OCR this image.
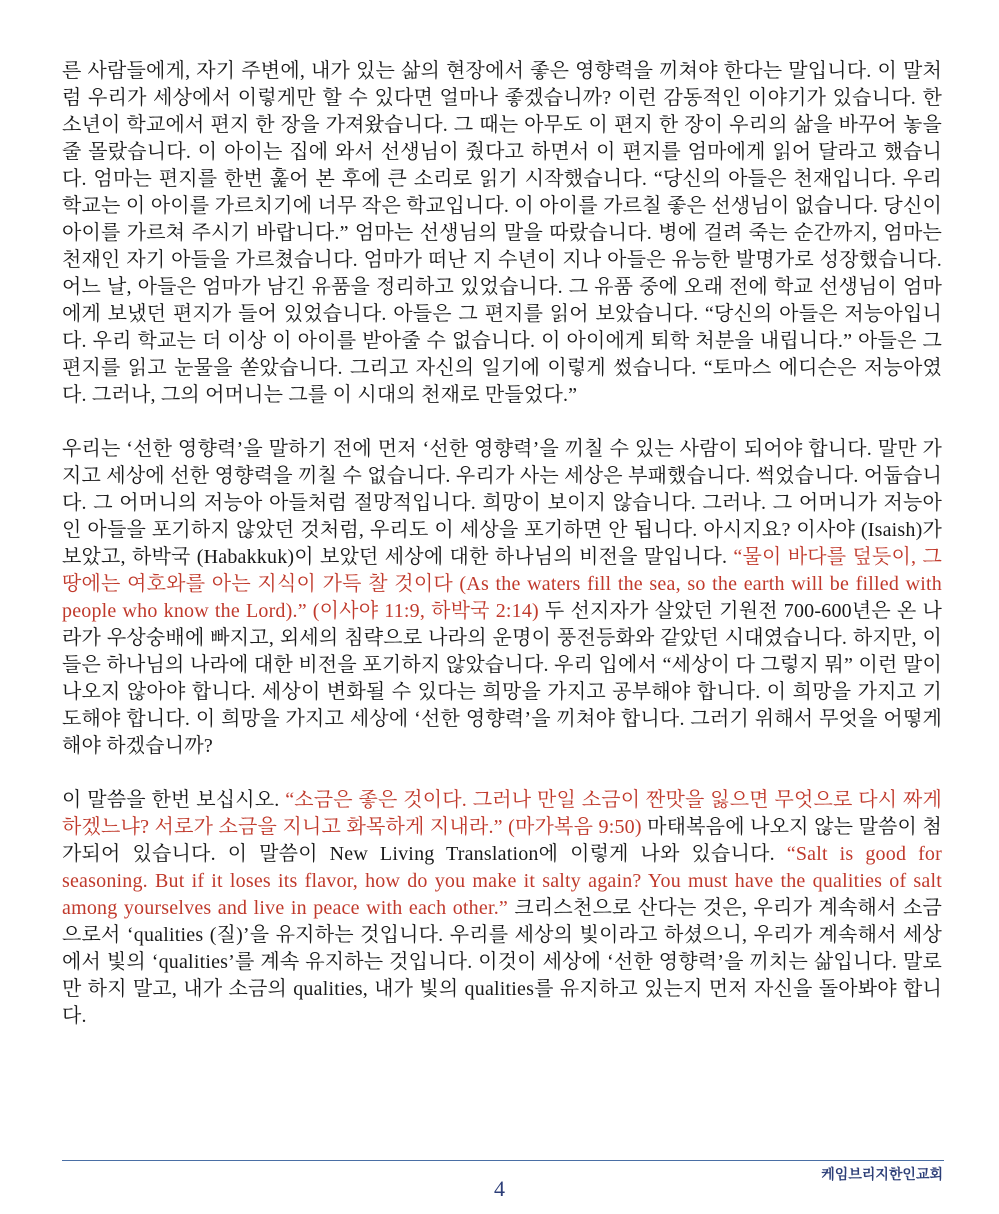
른 사람들에게, 자기 주변에, 내가 있는 삶의 현장에서 좋은 영향력을 끼쳐야 한다는 말입니다. 이 말처럼 우리가 세상에서 이렇게만 할 수 있다면 얼마나 좋겠습니까? 이런 감동적인 이야기가 있습니다. 한 소년이 학교에서 편지 한 장을 가져왔습니다. 그 때는 아무도 이 편지 한 장이 우리의 삶을 바꾸어 놓을 줄 몰랐습니다. 이 아이는 집에 와서 선생님이 줬다고 하면서 이 편지를 엄마에게 읽어 달라고 했습니다. 엄마는 편지를 한번 훑어 본 후에 큰 소리로 읽기 시작했습니다. “당신의 아들은 천재입니다. 우리 학교는 이 아이를 가르치기에 너무 작은 학교입니다. 이 아이를 가르칠 좋은 선생님이 없습니다. 당신이 아이를 가르쳐 주시기 바랍니다.” 엄마는 선생님의 말을 따랐습니다. 병에 걸려 죽는 순간까지, 엄마는 천재인 자기 아들을 가르쳤습니다. 엄마가 떠난 지 수년이 지나 아들은 유능한 발명가로 성장했습니다. 어느 날, 아들은 엄마가 남긴 유품을 정리하고 있었습니다. 그 유품 중에 오래 전에 학교 선생님이 엄마에게 보냈던 편지가 들어 있었습니다. 아들은 그 편지를 읽어 보았습니다. “당신의 아들은 저능아입니다. 우리 학교는 더 이상 이 아이를 받아줄 수 없습니다. 이 아이에게 퇴학 처분을 내립니다.” 아들은 그 편지를 읽고 눈물을 쏟았습니다. 그리고 자신의 일기에 이렇게 썼습니다. “토마스 에디슨은 저능아였다. 그러나, 그의 어머니는 그를 이 시대의 천재로 만들었다.”

우리는 ‘선한 영향력’을 말하기 전에 먼저 ‘선한 영향력’을 끼칠 수 있는 사람이 되어야 합니다. 말만 가지고 세상에 선한 영향력을 끼칠 수 없습니다. 우리가 사는 세상은 부패했습니다. 썩었습니다. 어둡습니다. 그 어머니의 저능아 아들처럼 절망적입니다. 희망이 보이지 않습니다. 그러나. 그 어머니가 저능아인 아들을 포기하지 않았던 것처럼, 우리도 이 세상을 포기하면 안 됩니다. 아시지요? 이사야 (Isaish)가 보았고, 하박국 (Habakkuk)이 보았던 세상에 대한 하나님의 비전을 말입니다. “물이 바다를 덮듯이, 그 땅에는 여호와를 아는 지식이 가득 찰 것이다 (As the waters fill the sea, so the earth will be filled with people who know the Lord).” (이사야 11:9, 하박국 2:14) 두 선지자가 살았던 기원전 700-600년은 온 나라가 우상숭배에 빠지고, 외세의 침략으로 나라의 운명이 풍전등화와 같았던 시대였습니다. 하지만, 이들은 하나님의 나라에 대한 비전을 포기하지 않았습니다. 우리 입에서 “세상이 다 그렇지 뭐” 이런 말이 나오지 않아야 합니다. 세상이 변화될 수 있다는 희망을 가지고 공부해야 합니다. 이 희망을 가지고 기도해야 합니다. 이 희망을 가지고 세상에 ‘선한 영향력’을 끼쳐야 합니다. 그러기 위해서 무엇을 어떻게 해야 하겠습니까?

이 말씀을 한번 보십시오. “소금은 좋은 것이다. 그러나 만일 소금이 짠맛을 잃으면 무엇으로 다시 짜게 하겠느냐? 서로가 소금을 지니고 화목하게 지내라.” (마가복음 9:50) 마태복음에 나오지 않는 말씀이 첨가되어 있습니다. 이 말씀이 New Living Translation에 이렇게 나와 있습니다. “Salt is good for seasoning. But if it loses its flavor, how do you make it salty again? You must have the qualities of salt among yourselves and live in peace with each other.” 크리스천으로 산다는 것은, 우리가 계속해서 소금으로서 ‘qualities (질)’을 유지하는 것입니다. 우리를 세상의 빛이라고 하셨으니, 우리가 계속해서 세상에서 빛의 ‘qualities’를 계속 유지하는 것입니다. 이것이 세상에 ‘선한 영향력’을 끼치는 삶입니다. 말로만 하지 말고, 내가 소금의 qualities, 내가 빛의 qualities를 유지하고 있는지 먼저 자신을 돌아봐야 합니다.

케임브리지한인교회
4
